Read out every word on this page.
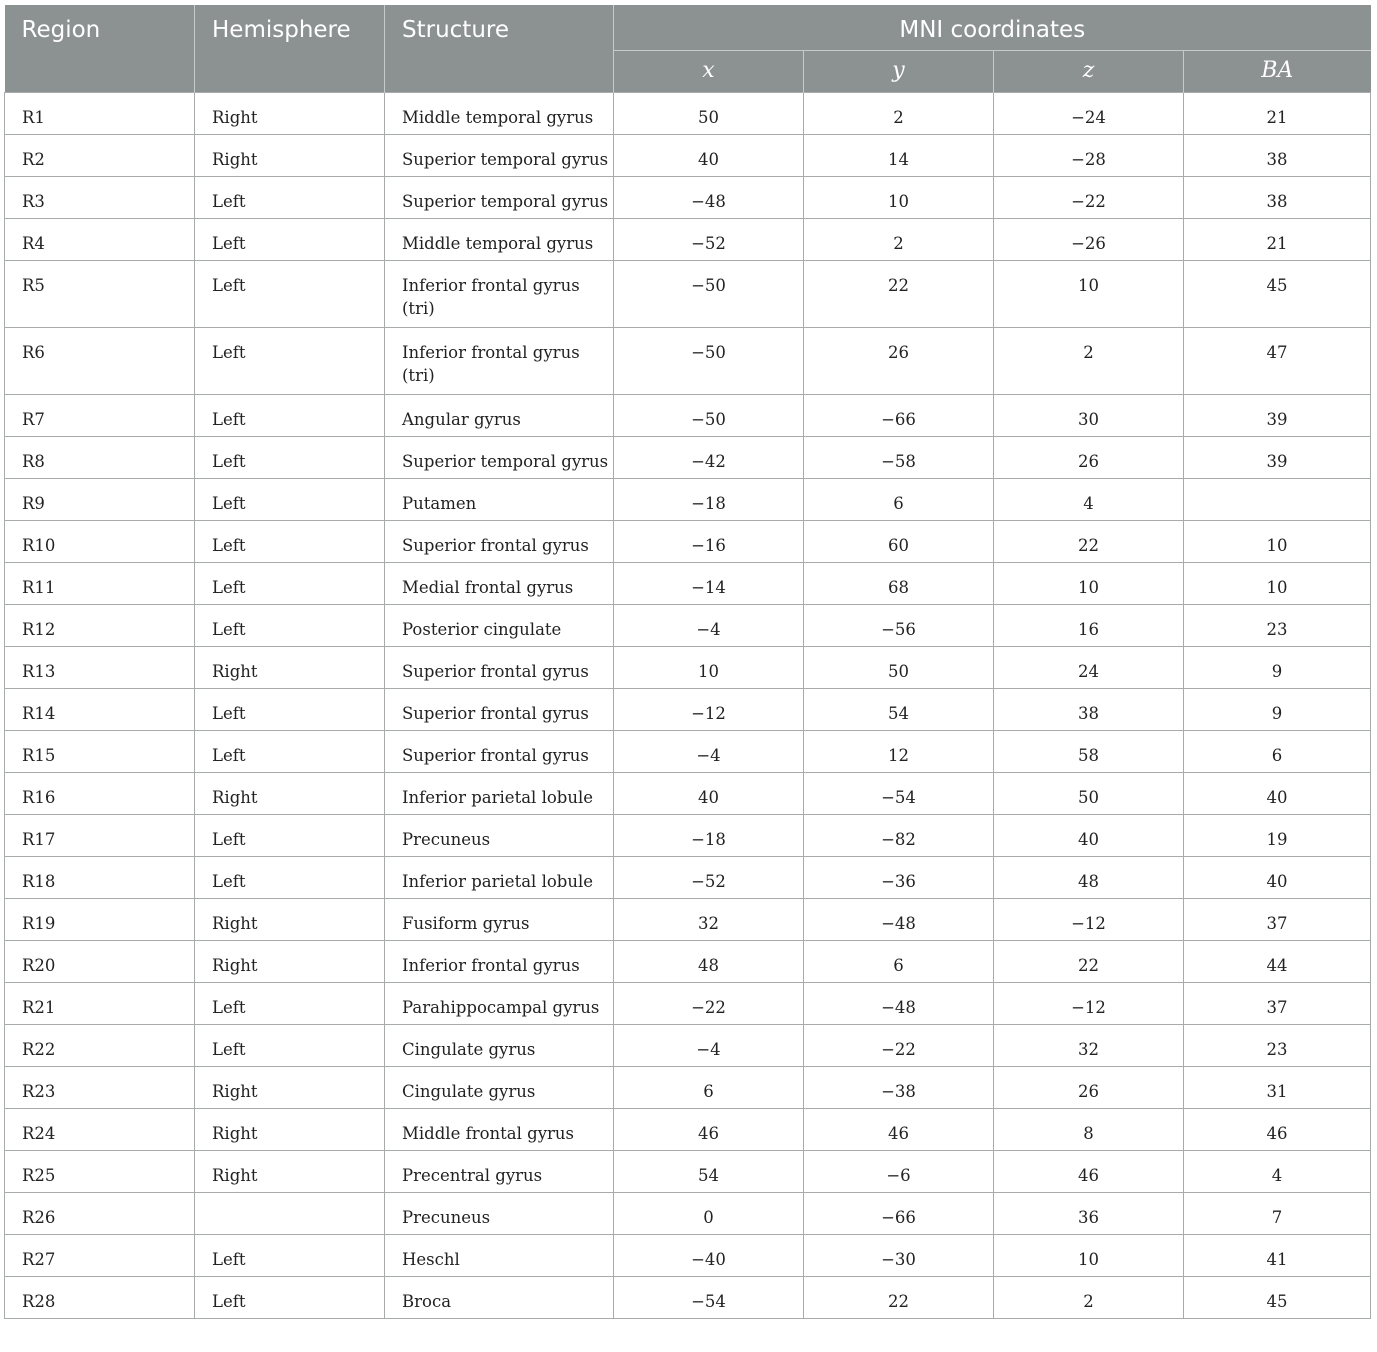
Region	Hemisphere	Structure	MNI coordinates			
			x	y	z	BA
R1	Right	Middle temporal gyrus	50	2	−24	21
R2	Right	Superior temporal gyrus	40	14	−28	38
R3	Left	Superior temporal gyrus	−48	10	−22	38
R4	Left	Middle temporal gyrus	−52	2	−26	21
R5	Left	Inferior frontal gyrus (tri)	−50	22	10	45
R6	Left	Inferior frontal gyrus (tri)	−50	26	2	47
R7	Left	Angular gyrus	−50	−66	30	39
R8	Left	Superior temporal gyrus	−42	−58	26	39
R9	Left	Putamen	−18	6	4	
R10	Left	Superior frontal gyrus	−16	60	22	10
R11	Left	Medial frontal gyrus	−14	68	10	10
R12	Left	Posterior cingulate	−4	−56	16	23
R13	Right	Superior frontal gyrus	10	50	24	9
R14	Left	Superior frontal gyrus	−12	54	38	9
R15	Left	Superior frontal gyrus	−4	12	58	6
R16	Right	Inferior parietal lobule	40	−54	50	40
R17	Left	Precuneus	−18	−82	40	19
R18	Left	Inferior parietal lobule	−52	−36	48	40
R19	Right	Fusiform gyrus	32	−48	−12	37
R20	Right	Inferior frontal gyrus	48	6	22	44
R21	Left	Parahippocampal gyrus	−22	−48	−12	37
R22	Left	Cingulate gyrus	−4	−22	32	23
R23	Right	Cingulate gyrus	6	−38	26	31
R24	Right	Middle frontal gyrus	46	46	8	46
R25	Right	Precentral gyrus	54	−6	46	4
R26		Precuneus	0	−66	36	7
R27	Left	Heschl	−40	−30	10	41
R28	Left	Broca	−54	22	2	45
